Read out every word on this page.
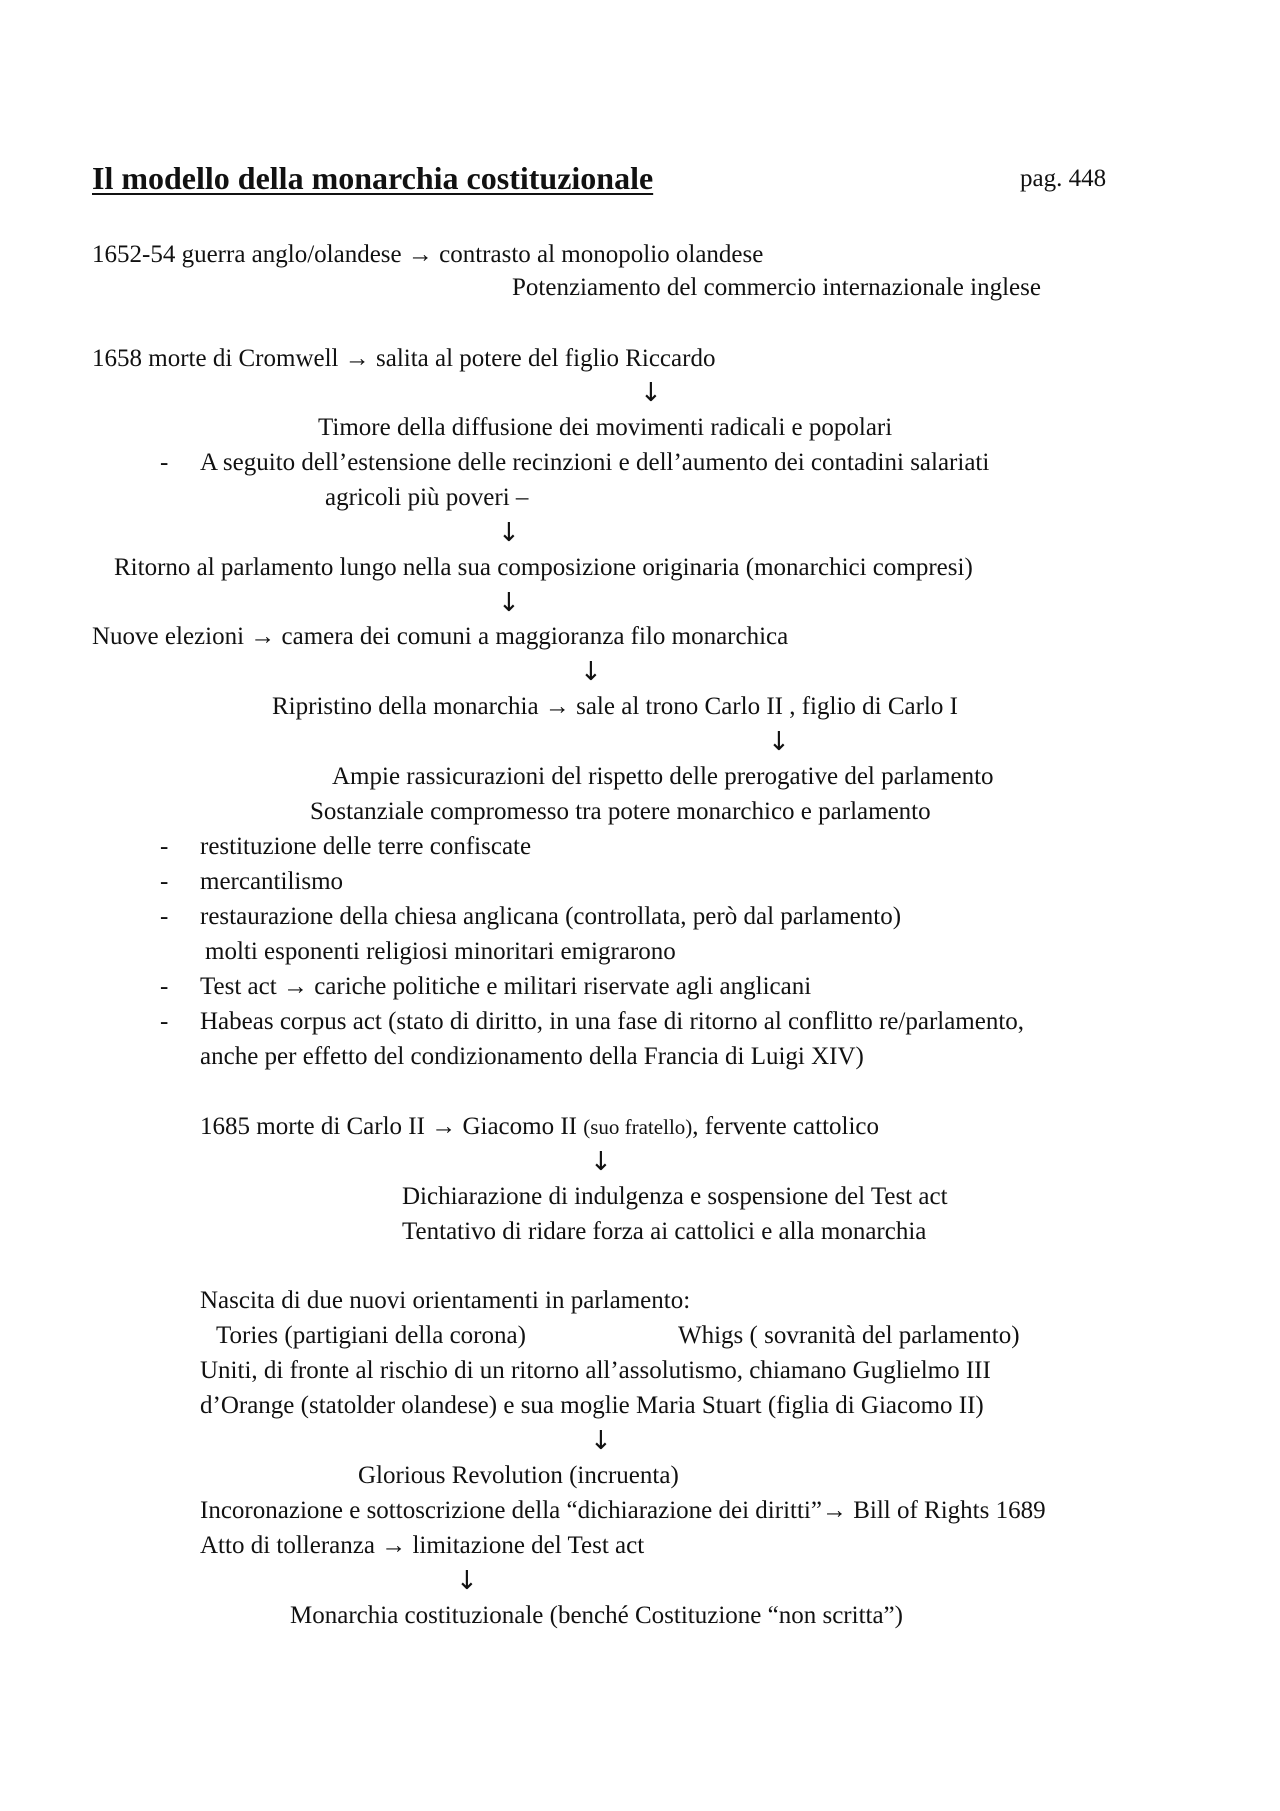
Il modello della monarchia costituzionale	pag. 448
1652-54 guerra anglo/olandese → contrasto al monopolio olandese
Potenziamento del commercio internazionale inglese
1658 morte di Cromwell → salita al potere del figlio Riccardo
↓
Timore della diffusione dei movimenti radicali e popolari
- A seguito dell’estensione delle recinzioni e dell’aumento dei contadini salariati
agricoli più poveri –
↓
Ritorno al parlamento lungo nella sua composizione originaria (monarchici compresi)
↓
Nuove elezioni → camera dei comuni a maggioranza filo monarchica
↓
Ripristino della monarchia → sale al trono Carlo II , figlio di Carlo I
↓
Ampie rassicurazioni del rispetto delle prerogative del parlamento
Sostanziale compromesso tra potere monarchico e parlamento
- restituzione delle terre confiscate
- mercantilismo
- restaurazione della chiesa anglicana (controllata, però dal parlamento)
molti esponenti religiosi minoritari emigrarono
- Test act → cariche politiche e militari riservate agli anglicani
- Habeas corpus act (stato di diritto, in una fase di ritorno al conflitto re/parlamento,
anche per effetto del condizionamento della Francia di Luigi XIV)
1685 morte di Carlo II → Giacomo II (suo fratello), fervente cattolico
↓
Dichiarazione di indulgenza e sospensione del Test act
Tentativo di ridare forza ai cattolici e alla monarchia
Nascita di due nuovi orientamenti in parlamento:
Tories (partigiani della corona)	Whigs ( sovranità del parlamento)
Uniti, di fronte al rischio di un ritorno all’assolutismo, chiamano Guglielmo III
d’Orange (statolder olandese) e sua moglie Maria Stuart (figlia di Giacomo II)
↓
Glorious Revolution (incruenta)
Incoronazione e sottoscrizione della “dichiarazione dei diritti”→ Bill of Rights 1689
Atto di tolleranza → limitazione del Test act
↓
Monarchia costituzionale (benché Costituzione “non scritta”)
